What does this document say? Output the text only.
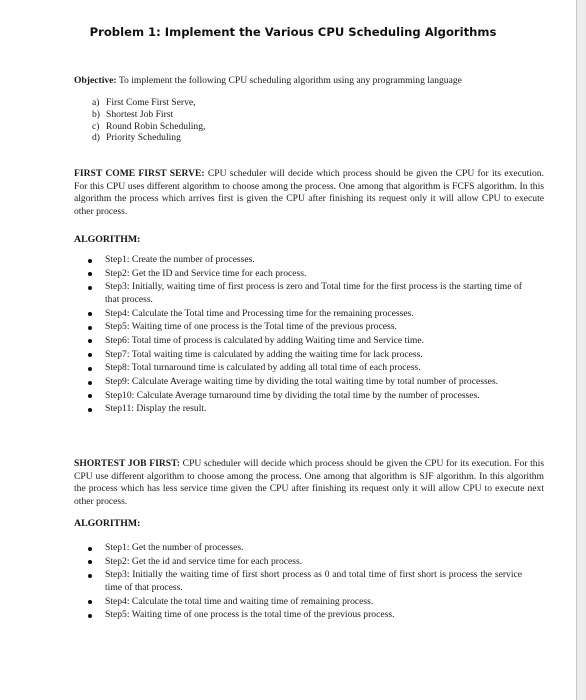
Problem 1: Implement the Various CPU Scheduling Algorithms
Objective: To implement the following CPU scheduling algorithm using any programming language
a) First Come First Serve,
b) Shortest Job First
c) Round Robin Scheduling,
d) Priority Scheduling
FIRST COME FIRST SERVE: CPU scheduler will decide which process should be given the CPU for its execution. For this CPU uses different algorithm to choose among the process. One among that algorithm is FCFS algorithm. In this algorithm the process which arrives first is given the CPU after finishing its request only it will allow CPU to execute other process.
ALGORITHM:
Step1: Create the number of processes.
Step2: Get the ID and Service time for each process.
Step3: Initially, waiting time of first process is zero and Total time for the first process is the starting time of that process.
Step4: Calculate the Total time and Processing time for the remaining processes.
Step5: Waiting time of one process is the Total time of the previous process.
Step6: Total time of process is calculated by adding Waiting time and Service time.
Step7: Total waiting time is calculated by adding the waiting time for lack process.
Step8: Total turnaround time is calculated by adding all total time of each process.
Step9: Calculate Average waiting time by dividing the total waiting time by total number of processes.
Step10: Calculate Average turnaround time by dividing the total time by the number of processes.
Step11: Display the result.
SHORTEST JOB FIRST: CPU scheduler will decide which process should be given the CPU for its execution. For this CPU use different algorithm to choose among the process. One among that algorithm is SJF algorithm. In this algorithm the process which has less service time given the CPU after finishing its request only it will allow CPU to execute next other process.
ALGORITHM:
Step1: Get the number of processes.
Step2: Get the id and service time for each process.
Step3: Initially the waiting time of first short process as 0 and total time of first short is process the service time of that process.
Step4: Calculate the total time and waiting time of remaining process.
Step5: Waiting time of one process is the total time of the previous process.
